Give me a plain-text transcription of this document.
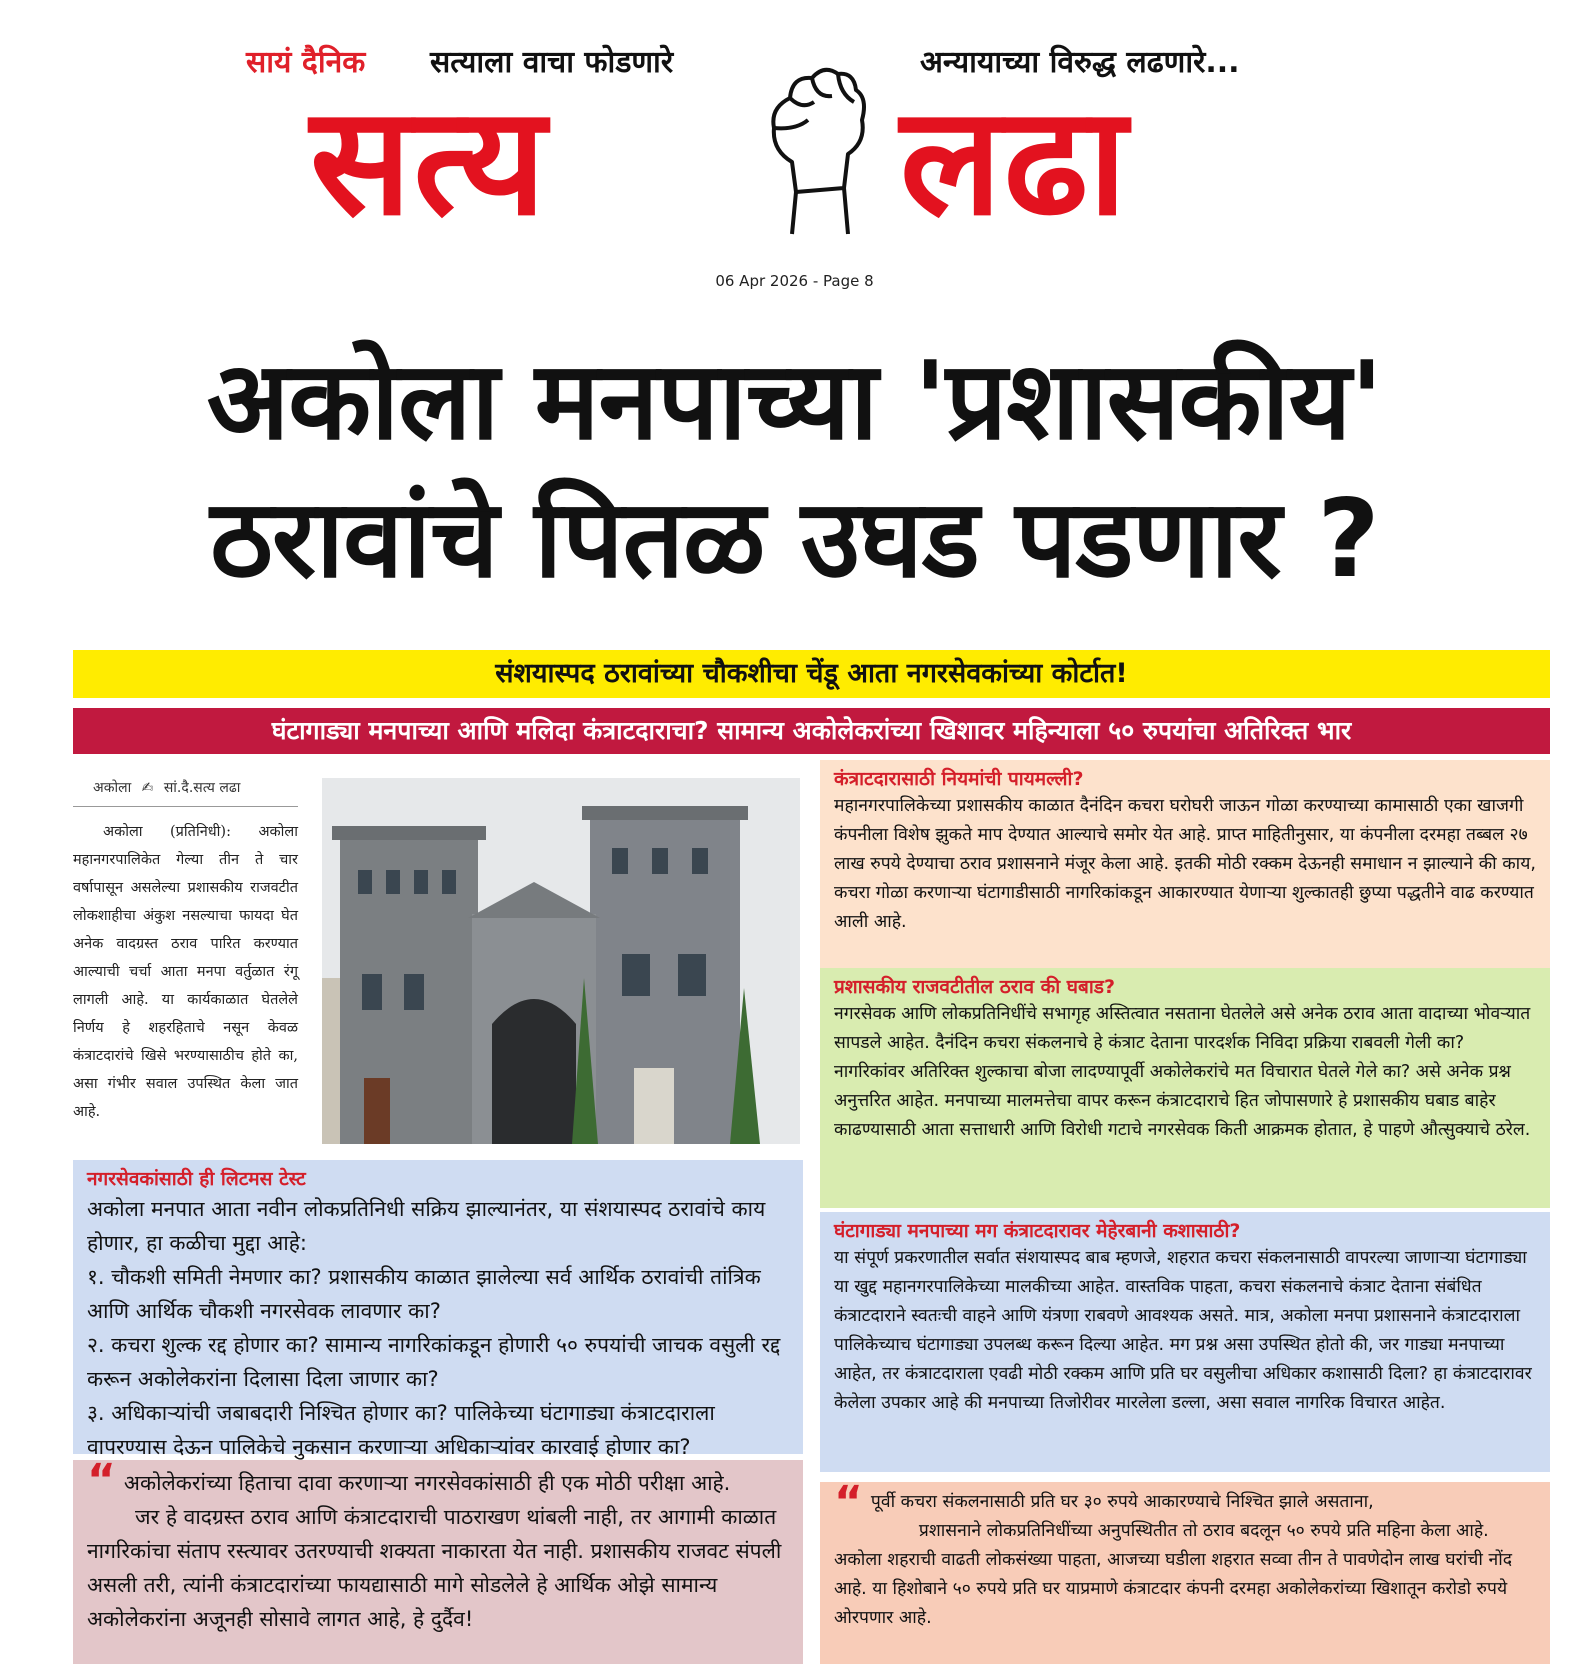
सायं दैनिक सत्याला वाचा फोडणारे	अन्यायाच्या विरुद्ध लढणारे...
सत्य लढा
06 Apr 2026 - Page 8
अकोला मनपाच्या 'प्रशासकीय'
ठरावांचे पितळ उघड पडणार ?
संशयास्पद ठरावांच्या चौकशीचा चेंडू आता नगरसेवकांच्या कोर्टात!
घंटागाड्या मनपाच्या आणि मलिदा कंत्राटदाराचा? सामान्य अकोलेकरांच्या खिशावर महिन्याला ५० रुपयांचा अतिरिक्त भार
अकोला ✍ सां.दै.सत्य लढा
अकोला (प्रतिनिधी): अकोला महानगरपालिकेत गेल्या तीन ते चार वर्षापासून असलेल्या प्रशासकीय राजवटीत लोकशाहीचा अंकुश नसल्याचा फायदा घेत अनेक वादग्रस्त ठराव पारित करण्यात आल्याची चर्चा आता मनपा वर्तुळात रंगू लागली आहे. या कार्यकाळात घेतलेले निर्णय हे शहरहिताचे नसून केवळ कंत्राटदारांचे खिसे भरण्यासाठीच होते का, असा गंभीर सवाल उपस्थित केला जात आहे.
नगरसेवकांसाठी ही लिटमस टेस्ट
अकोला मनपात आता नवीन लोकप्रतिनिधी सक्रिय झाल्यानंतर, या संशयास्पद ठरावांचे काय होणार, हा कळीचा मुद्दा आहे:
१. चौकशी समिती नेमणार का? प्रशासकीय काळात झालेल्या सर्व आर्थिक ठरावांची तांत्रिक आणि आर्थिक चौकशी नगरसेवक लावणार का?
२. कचरा शुल्क रद्द होणार का? सामान्य नागरिकांकडून होणारी ५० रुपयांची जाचक वसुली रद्द करून अकोलेकरांना दिलासा दिला जाणार का?
३. अधिकाऱ्यांची जबाबदारी निश्चित होणार का? पालिकेच्या घंटागाड्या कंत्राटदाराला वापरण्यास देऊन पालिकेचे नुकसान करणाऱ्या अधिकाऱ्यांवर कारवाई होणार का?
“ अकोलेकरांच्या हिताचा दावा करणाऱ्या नगरसेवकांसाठी ही एक मोठी परीक्षा आहे.
जर हे वादग्रस्त ठराव आणि कंत्राटदाराची पाठराखण थांबली नाही, तर आगामी काळात नागरिकांचा संताप रस्त्यावर उतरण्याची शक्यता नाकारता येत नाही. प्रशासकीय राजवट संपली असली तरी, त्यांनी कंत्राटदारांच्या फायद्यासाठी मागे सोडलेले हे आर्थिक ओझे सामान्य अकोलेकरांना अजूनही सोसावे लागत आहे, हे दुर्दैव!
कंत्राटदारासाठी नियमांची पायमल्ली?
महानगरपालिकेच्या प्रशासकीय काळात दैनंदिन कचरा घरोघरी जाऊन गोळा करण्याच्या कामासाठी एका खाजगी कंपनीला विशेष झुकते माप देण्यात आल्याचे समोर येत आहे. प्राप्त माहितीनुसार, या कंपनीला दरमहा तब्बल २७ लाख रुपये देण्याचा ठराव प्रशासनाने मंजूर केला आहे. इतकी मोठी रक्कम देऊनही समाधान न झाल्याने की काय, कचरा गोळा करणाऱ्या घंटागाडीसाठी नागरिकांकडून आकारण्यात येणाऱ्या शुल्कातही छुप्या पद्धतीने वाढ करण्यात आली आहे.
प्रशासकीय राजवटीतील ठराव की घबाड?
नगरसेवक आणि लोकप्रतिनिधींचे सभागृह अस्तित्वात नसताना घेतलेले असे अनेक ठराव आता वादाच्या भोवऱ्यात सापडले आहेत. दैनंदिन कचरा संकलनाचे हे कंत्राट देताना पारदर्शक निविदा प्रक्रिया राबवली गेली का? नागरिकांवर अतिरिक्त शुल्काचा बोजा लादण्यापूर्वी अकोलेकरांचे मत विचारात घेतले गेले का? असे अनेक प्रश्न अनुत्तरित आहेत. मनपाच्या मालमत्तेचा वापर करून कंत्राटदाराचे हित जोपासणारे हे प्रशासकीय घबाड बाहेर काढण्यासाठी आता सत्ताधारी आणि विरोधी गटाचे नगरसेवक किती आक्रमक होतात, हे पाहणे औत्सुक्याचे ठरेल.
घंटागाड्या मनपाच्या मग कंत्राटदारावर मेहेरबानी कशासाठी?
या संपूर्ण प्रकरणातील सर्वात संशयास्पद बाब म्हणजे, शहरात कचरा संकलनासाठी वापरल्या जाणाऱ्या घंटागाड्या या खुद्द महानगरपालिकेच्या मालकीच्या आहेत. वास्तविक पाहता, कचरा संकलनाचे कंत्राट देताना संबंधित कंत्राटदाराने स्वतःची वाहने आणि यंत्रणा राबवणे आवश्यक असते. मात्र, अकोला मनपा प्रशासनाने कंत्राटदाराला पालिकेच्याच घंटागाड्या उपलब्ध करून दिल्या आहेत. मग प्रश्न असा उपस्थित होतो की, जर गाड्या मनपाच्या आहेत, तर कंत्राटदाराला एवढी मोठी रक्कम आणि प्रति घर वसुलीचा अधिकार कशासाठी दिला? हा कंत्राटदारावर केलेला उपकार आहे की मनपाच्या तिजोरीवर मारलेला डल्ला, असा सवाल नागरिक विचारत आहेत.
“ पूर्वी कचरा संकलनासाठी प्रति घर ३० रुपये आकारण्याचे निश्चित झाले असताना,
प्रशासनाने लोकप्रतिनिधींच्या अनुपस्थितीत तो ठराव बदलून ५० रुपये प्रति महिना केला आहे. अकोला शहराची वाढती लोकसंख्या पाहता, आजच्या घडीला शहरात सव्वा तीन ते पावणेदोन लाख घरांची नोंद आहे. या हिशोबाने ५० रुपये प्रति घर याप्रमाणे कंत्राटदार कंपनी दरमहा अकोलेकरांच्या खिशातून करोडो रुपये ओरपणार आहे.
